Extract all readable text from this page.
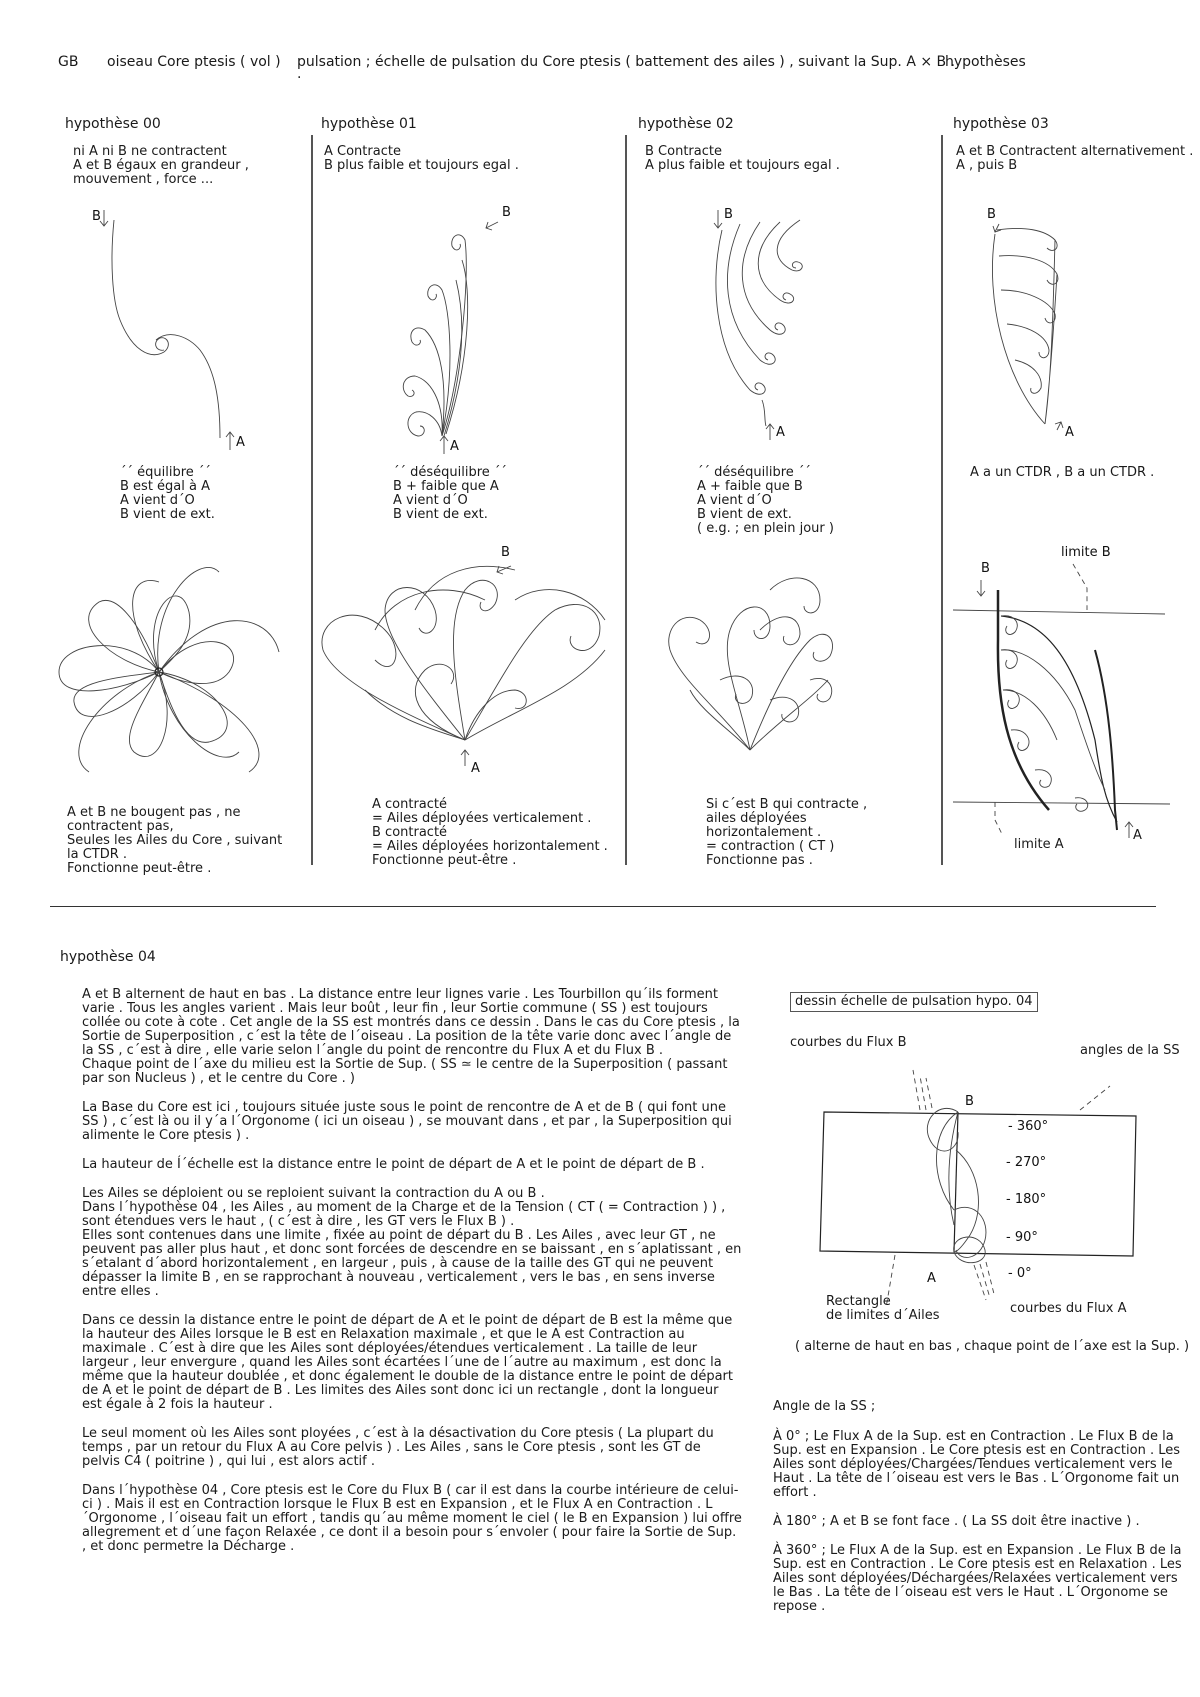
GB oiseau Core ptesis ( vol ) pulsation ; échelle de pulsation du Core ptesis ( battement des ailes ) , suivant la Sup. A × B .
.
hypothèses
hypothèse 00	hypothèse 01	hypothèse 02	hypothèse 03
ni A ni B ne contractent
A et B égaux en grandeur ,
mouvement , force ...
A Contracte
B plus faible et toujours egal .
B Contracte
A plus faible et toujours egal .
A et B Contractent alternativement .
A , puis B
B
A
B
A
B
A
B
A
´´ équilibre ´´
B est égal à A
A vient d´O
B vient de ext.
´´ déséquilibre ´´
B + faible que A
A vient d´O
B vient de ext.
´´ déséquilibre ´´
A + faible que B
A vient d´O
B vient de ext.
( e.g. ; en plein jour )
A a un CTDR , B a un CTDR .
B
A
limite B
B
A
limite A
A et B ne bougent pas , ne
contractent pas,
Seules les Ailes du Core , suivant
la CTDR .
Fonctionne peut-être .
A contracté
= Ailes déployées verticalement .
B contracté
= Ailes déployées horizontalement .
Fonctionne peut-être .
Si c´est B qui contracte ,
ailes déployées
horizontalement .
= contraction ( CT )
Fonctionne pas .
hypothèse 04

A et B alternent de haut en bas . La distance entre leur lignes varie . Les Tourbillon qu´ils forment varie . Tous les angles varient . Mais leur boût , leur fin , leur Sortie commune ( SS ) est toujours collée ou cote à cote . Cet angle de la SS est montrés dans ce dessin . Dans le cas du Core ptesis , la Sortie de Superposition , c´est la tête de l´oiseau . La position de la tête varie donc avec l´angle de la SS , c´est à dire , elle varie selon l´angle du point de rencontre du Flux A et du Flux B .
Chaque point de l´axe du milieu est la Sortie de Sup. ( SS ≃ le centre de la Superposition ( passant par son Nucleus ) , et le centre du Core . )

La Base du Core est ici , toujours située juste sous le point de rencontre de A et de B ( qui font une SS ) , c´est là ou il y´a l´Orgonome ( ici un oiseau ) , se mouvant dans , et par , la Superposition qui alimente le Core ptesis ) .

La hauteur de Í´échelle est la distance entre le point de départ de A et le point de départ de B .

Les Ailes se déploient ou se reploient suivant la contraction du A ou B .
Dans l´hypothèse 04 , les Ailes , au moment de la Charge et de la Tension ( CT ( = Contraction ) ) , sont étendues vers le haut , ( c´est à dire , les GT vers le Flux B ) .
Elles sont contenues dans une limite , fixée au point de départ du B . Les Ailes , avec leur GT , ne peuvent pas aller plus haut , et donc sont forcées de descendre en se baissant , en s´aplatissant , en s´etalant d´abord horizontalement , en largeur , puis , à cause de la taille des GT qui ne peuvent dépasser la limite B , en se rapprochant à nouveau , verticalement , vers le bas , en sens inverse entre elles .

Dans ce dessin la distance entre le point de départ de A et le point de départ de B est la même que la hauteur des Ailes lorsque le B est en Relaxation maximale , et que le A est Contraction au maximale . C´est à dire que les Ailes sont déployées/étendues verticalement . La taille de leur largeur , leur envergure , quand les Ailes sont écartées l´une de l´autre au maximum , est donc la même que la hauteur doublée , et donc également le double de la distance entre le point de départ de A et le point de départ de B . Les limites des Ailes sont donc ici un rectangle , dont la longueur est égale à 2 fois la hauteur .

Le seul moment où les Ailes sont ployées , c´est à la désactivation du Core ptesis ( La plupart du temps , par un retour du Flux A au Core pelvis ) . Les Ailes , sans le Core ptesis , sont les GT de pelvis C4 ( poitrine ) , qui lui , est alors actif .

Dans l´hypothèse 04 , Core ptesis est le Core du Flux B ( car il est dans la courbe intérieure de celui-ci ) . Mais il est en Contraction lorsque le Flux B est en Expansion , et le Flux A en Contraction . L´Orgonome , l´oiseau fait un effort , tandis qu´au même moment le ciel ( le B en Expansion ) lui offre allegrement et d´une façon Relaxée , ce dont il a besoin pour s´envoler ( pour faire la Sortie de Sup. , et donc permetre la Décharge .

dessin échelle de pulsation hypo. 04
courbes du Flux B
angles de la SS
B
- 360°
- 270°
- 180°
- 90°
- 0°
A
Rectangle
de limites d´Ailes	courbes du Flux A
( alterne de haut en bas , chaque point de l´axe est la Sup. )
Angle de la SS ;

À 0° ; Le Flux A de la Sup. est en Contraction . Le Flux B de la Sup. est en Expansion . Le Core ptesis est en Contraction . Les Ailes sont déployées/Chargées/Tendues verticalement vers le Haut . La tête de l´oiseau est vers le Bas . L´Orgonome fait un effort .

À 180° ; A et B se font face . ( La SS doit être inactive ) .

À 360° ; Le Flux A de la Sup. est en Expansion . Le Flux B de la Sup. est en Contraction . Le Core ptesis est en Relaxation . Les Ailes sont déployées/Déchargées/Relaxées verticalement vers le Bas . La tête de l´oiseau est vers le Haut . L´Orgonome se repose .
